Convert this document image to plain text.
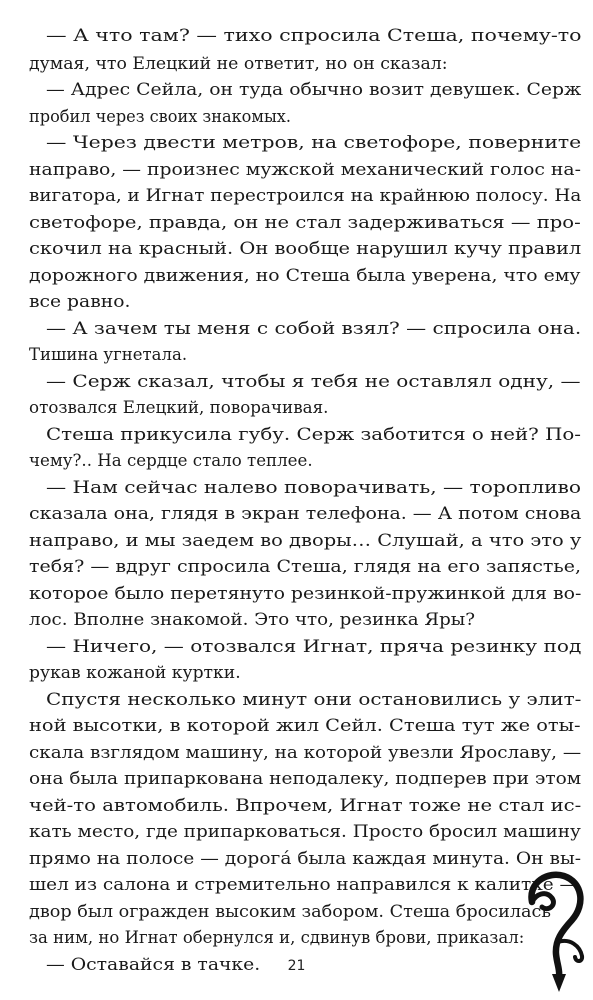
— А что там? — тихо спросила Стеша, почему-то
думая, что Елецкий не ответит, но он сказал:
— Адрес Сейла, он туда обычно возит девушек. Серж
пробил через своих знакомых.
— Через двести метров, на светофоре, поверните
направо, — произнес мужской механический голос на-
вигатора, и Игнат перестроился на крайнюю полосу. На
светофоре, правда, он не стал задерживаться — про-
скочил на красный. Он вообще нарушил кучу правил
дорожного движения, но Стеша была уверена, что ему
все равно.
— А зачем ты меня с собой взял? — спросила она.
Тишина угнетала.
— Серж сказал, чтобы я тебя не оставлял одну, —
отозвался Елецкий, поворачивая.
Стеша прикусила губу. Серж заботится о ней? По-
чему?.. На сердце стало теплее.
— Нам сейчас налево поворачивать, — торопливо
сказала она, глядя в экран телефона. — А потом снова
направо, и мы заедем во дворы… Слушай, а что это у
тебя? — вдруг спросила Стеша, глядя на его запястье,
которое было перетянуто резинкой-пружинкой для во-
лос. Вполне знакомой. Это что, резинка Яры?
— Ничего, — отозвался Игнат, пряча резинку под
рукав кожаной куртки.
Спустя несколько минут они остановились у элит-
ной высотки, в которой жил Сейл. Стеша тут же оты-
скала взглядом машину, на которой увезли Ярославу, —
она была припаркована неподалеку, подперев при этом
чей-то автомобиль. Впрочем, Игнат тоже не стал ис-
кать место, где припарковаться. Просто бросил машину
прямо на полосе — дорогá была каждая минута. Он вы-
шел из салона и стремительно направился к калитке —
двор был огражден высоким забором. Стеша бросилась
за ним, но Игнат обернулся и, сдвинув брови, приказал:
— Оставайся в тачке.	21
